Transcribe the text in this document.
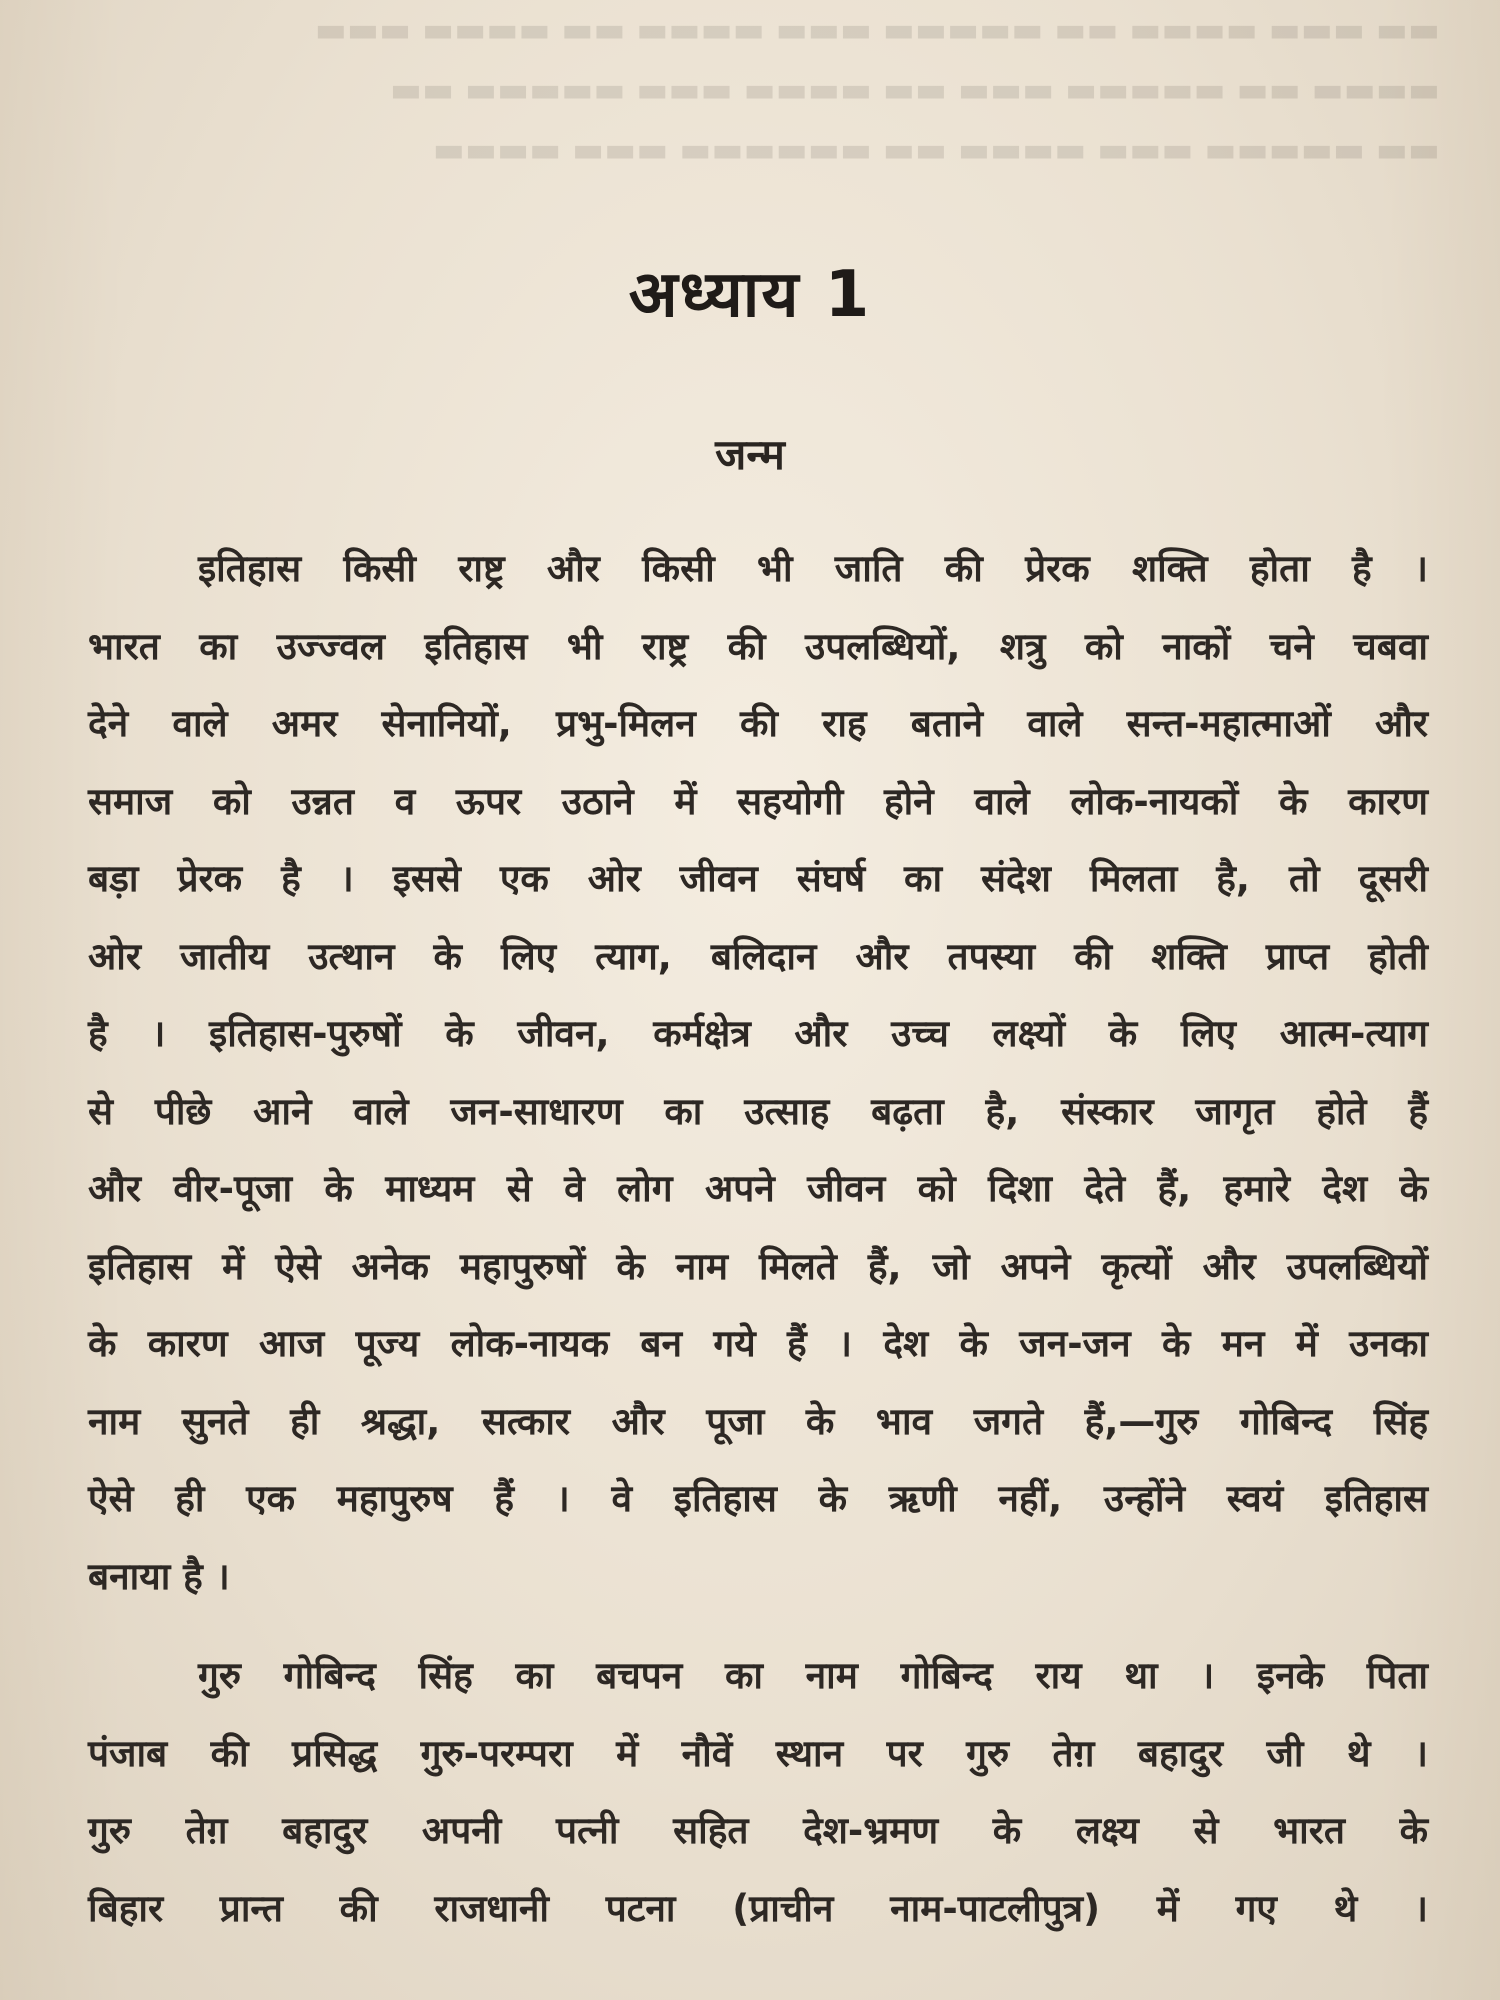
▬▬ ▬▬▬ ▬▬▬▬ ▬▬ ▬▬▬▬▬ ▬▬▬ ▬▬▬▬ ▬▬ ▬▬▬▬ ▬▬▬
▬▬▬▬ ▬▬ ▬▬▬▬▬ ▬▬▬ ▬▬ ▬▬▬▬ ▬▬▬ ▬▬▬▬▬ ▬▬
▬▬ ▬▬▬▬▬ ▬▬▬ ▬▬▬▬ ▬▬ ▬▬▬▬▬▬ ▬▬▬ ▬▬▬▬
अध्याय 1
जन्म
इतिहास किसी राष्ट्र और किसी भी जाति की प्रेरक शक्ति होता है ।
भारत का उज्ज्वल इतिहास भी राष्ट्र की उपलब्धियों, शत्रु को नाकों चने चबवा
देने वाले अमर सेनानियों, प्रभु-मिलन की राह बताने वाले सन्त-महात्माओं और
समाज को उन्नत व ऊपर उठाने में सहयोगी होने वाले लोक-नायकों के कारण
बड़ा प्रेरक है । इससे एक ओर जीवन संघर्ष का संदेश मिलता है, तो दूसरी
ओर जातीय उत्थान के लिए त्याग, बलिदान और तपस्या की शक्ति प्राप्त होती
है । इतिहास-पुरुषों के जीवन, कर्मक्षेत्र और उच्च लक्ष्यों के लिए आत्म-त्याग
से पीछे आने वाले जन-साधारण का उत्साह बढ़ता है, संस्कार जागृत होते हैं
और वीर-पूजा के माध्यम से वे लोग अपने जीवन को दिशा देते हैं, हमारे देश के
इतिहास में ऐसे अनेक महापुरुषों के नाम मिलते हैं, जो अपने कृत्यों और उपलब्धियों
के कारण आज पूज्य लोक-नायक बन गये हैं । देश के जन-जन के मन में उनका
नाम सुनते ही श्रद्धा, सत्कार और पूजा के भाव जगते हैं,—गुरु गोबिन्द सिंह
ऐसे ही एक महापुरुष हैं । वे इतिहास के ऋणी नहीं, उन्होंने स्वयं इतिहास
बनाया है ।
गुरु गोबिन्द सिंह का बचपन का नाम गोबिन्द राय था । इनके पिता
पंजाब की प्रसिद्ध गुरु-परम्परा में नौवें स्थान पर गुरु तेग़ बहादुर जी थे ।
गुरु तेग़ बहादुर अपनी पत्नी सहित देश-भ्रमण के लक्ष्य से भारत के
बिहार प्रान्त की राजधानी पटना (प्राचीन नाम-पाटलीपुत्र) में गए थे ।
